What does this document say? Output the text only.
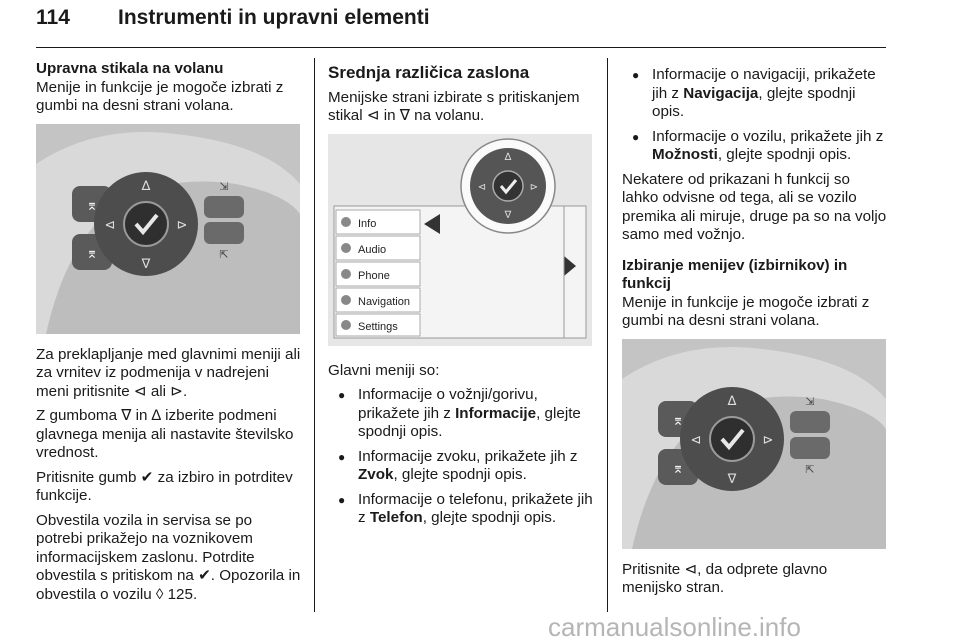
114 Instrumenti in upravni elementi
Upravna stikala na volanu

Menije in funkcije je mogoče izbrati z gumbi na desni strani volana.

⌆
⌆
∆
∇
⊲	⊳
⇲
⇱

Za preklapljanje med glavnimi meniji ali za vrnitev iz podmenija v nadrejeni meni pritisnite ⊲ ali ⊳.

Z gumboma ∇ in ∆ izberite podmeni glavnega menija ali nastavite številsko vrednost.

Pritisnite gumb ✔ za izbiro in potrditev funkcije.

Obvestila vozila in servisa se po potrebi prikažejo na voznikovem informacijskem zaslonu. Potrdite obvestila s pritiskom na ✔. Opozorila in obvestila o vozilu ◊ 125.

Srednja različica zaslona

Menijske strani izbirate s pritiskanjem stikal ⊲ in ∇ na volanu.

Info
Audio
Phone
Navigation
Settings
∆
∇
⊲	⊳

Glavni meniji so:

● Informacije o vožnji/gorivu, prikažete jih z Informacije, glejte spodnji opis.
● Informacije zvoku, prikažete jih z Zvok, glejte spodnji opis.
● Informacije o telefonu, prikažete jih z Telefon, glejte spodnji opis.
● Informacije o navigaciji, prikažete jih z Navigacija, glejte spodnji opis.
● Informacije o vozilu, prikažete jih z Možnosti, glejte spodnji opis.

Nekatere od prikazani h funkcij so lahko odvisne od tega, ali se vozilo premika ali miruje, druge pa so na voljo samo med vožnjo.

Izbiranje menijev (izbirnikov) in funkcij

Menije in funkcije je mogoče izbrati z gumbi na desni strani volana.

⌆
⌆
∆
∇
⊲	⊳
⇲
⇱

Pritisnite ⊲, da odprete glavno menijsko stran.

carmanualsonline.info
